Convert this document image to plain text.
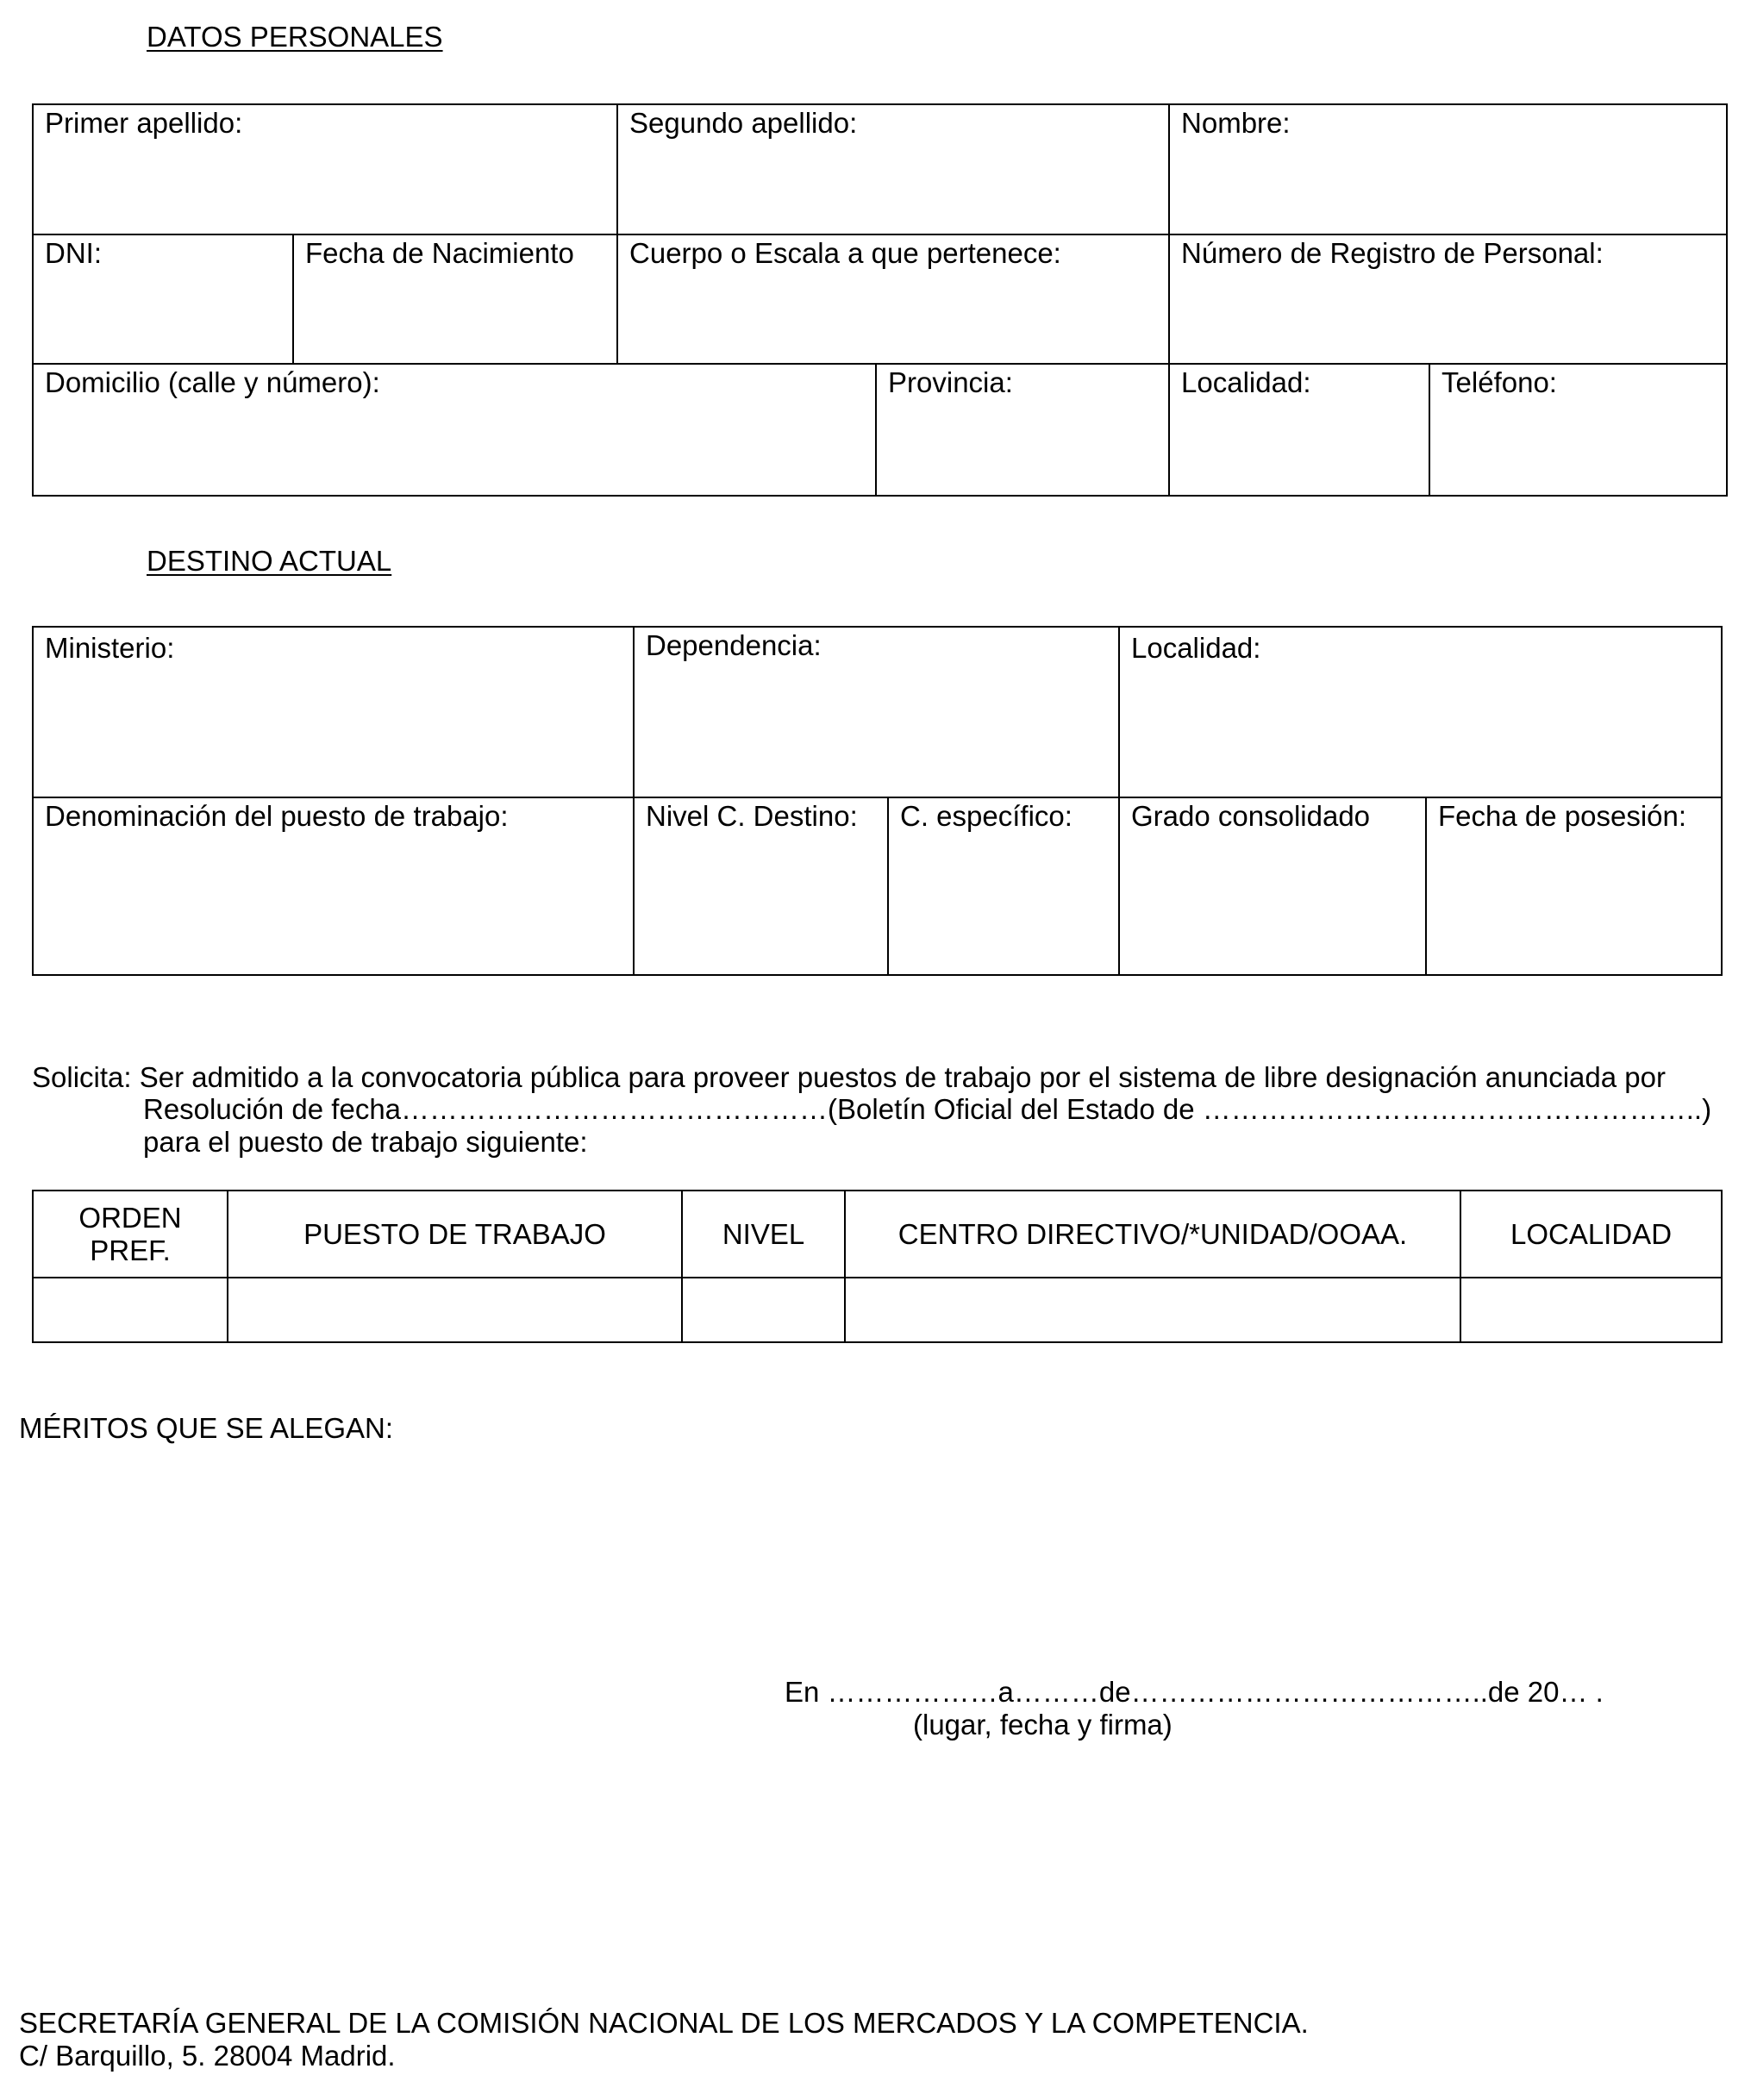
DATOS PERSONALES
Primer apellido:		Segundo apellido:		Nombre:	

DNI:	Fecha de Nacimiento	Cuerpo o Escala a que pertenece:		Número de Registro de Personal:	

Domicilio (calle y número):			Provincia:	Localidad:	Teléfono:
DESTINO ACTUAL
Ministerio:	Dependencia:		Localidad:	

Denominación del puesto de trabajo:	Nivel C. Destino:	C. específico:	Grado consolidado	Fecha de posesión:
Solicita: Ser admitido a la convocatoria pública para proveer puestos de trabajo por el sistema de libre designación anunciada por
Resolución de fecha………………………………………(Boletín Oficial del Estado de ……………………………………………..)
para el puesto de trabajo siguiente:
ORDEN
PREF.	PUESTO DE TRABAJO	NIVEL	CENTRO DIRECTIVO/*UNIDAD/OOAA.	LOCALIDAD

MÉRITOS QUE SE ALEGAN:
En ………………a………de………………………………..de 20… .
(lugar, fecha y firma)
SECRETARÍA GENERAL DE LA COMISIÓN NACIONAL DE LOS MERCADOS Y LA COMPETENCIA.
C/ Barquillo, 5. 28004 Madrid.
